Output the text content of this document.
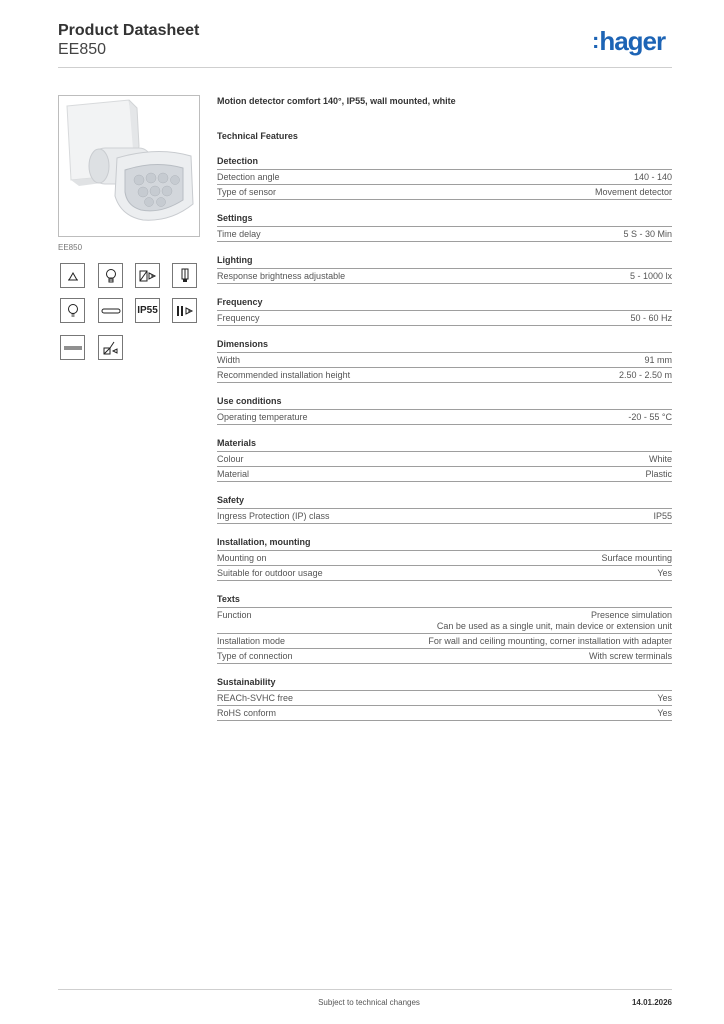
Product Datasheet
EE850	:hager
EE850
IP55
Motion detector comfort 140°, IP55, wall mounted, white
Technical Features
Detection
Detection angle	140 - 140
Type of sensor	Movement detector
Settings
Time delay	5 S - 30 Min
Lighting
Response brightness adjustable	5 - 1000 lx
Frequency
Frequency	50 - 60 Hz
Dimensions
Width	91 mm
Recommended installation height	2.50 - 2.50 m
Use conditions
Operating temperature	-20 - 55 °C
Materials
Colour	White
Material	Plastic
Safety
Ingress Protection (IP) class	IP55
Installation, mounting
Mounting on	Surface mounting
Suitable for outdoor usage	Yes
Texts
Function	Presence simulation
Can be used as a single unit, main device or extension unit
Installation mode	For wall and ceiling mounting, corner installation with adapter
Type of connection	With screw terminals
Sustainability
REACh-SVHC free	Yes
RoHS conform	Yes
Subject to technical changes	14.01.2026
